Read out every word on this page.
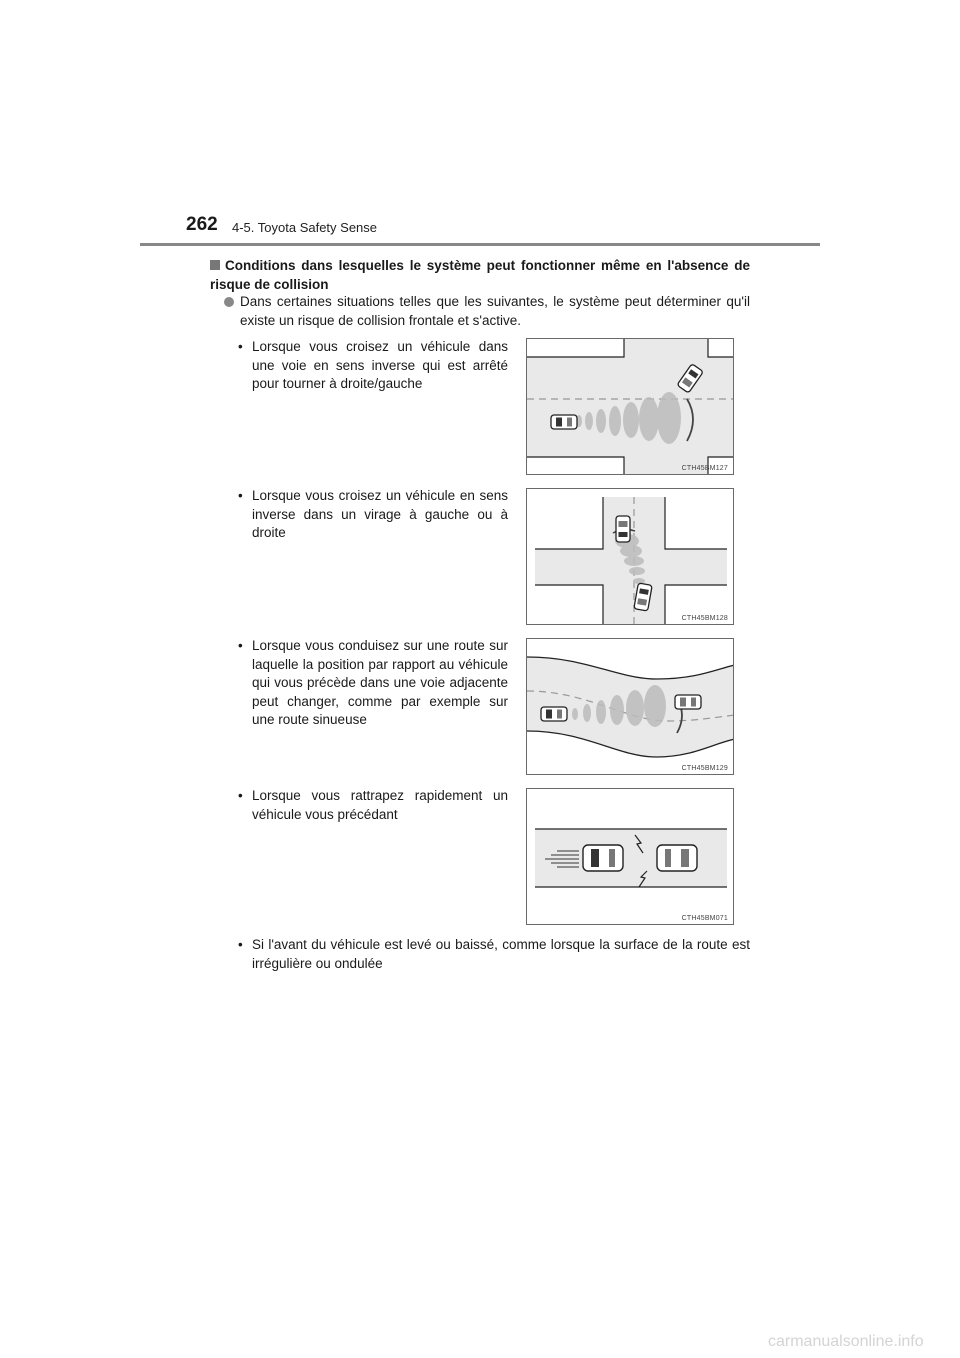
262 4-5. Toyota Safety Sense
Conditions dans lesquelles le système peut fonctionner même en l'absence de risque de collision
Dans certaines situations telles que les suivantes, le système peut déterminer qu'il existe un risque de collision frontale et s'active.
• Lorsque vous croisez un véhicule dans une voie en sens inverse qui est arrêté pour tourner à droite/gauche
CTH45BM127
• Lorsque vous croisez un véhicule en sens inverse dans un virage à gauche ou à droite
CTH45BM128
• Lorsque vous conduisez sur une route sur laquelle la position par rapport au véhicule qui vous précède dans une voie adjacente peut changer, comme par exemple sur une route sinueuse
CTH45BM129
• Lorsque vous rattrapez rapidement un véhicule vous précédant
CTH45BM071
• Si l'avant du véhicule est levé ou baissé, comme lorsque la surface de la route est irrégulière ou ondulée
carmanualsonline.info
